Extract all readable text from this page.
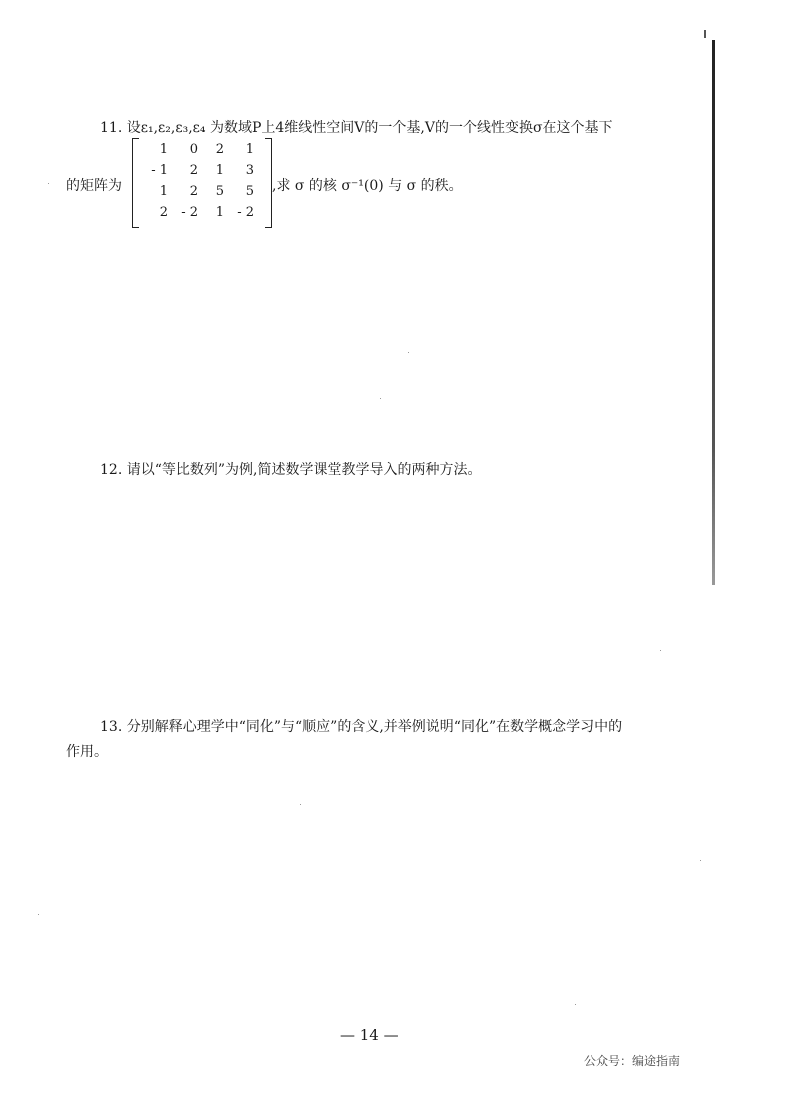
11. 设ε₁,ε₂,ε₃,ε₄ 为数域P上4维线性空间V的一个基,V的一个线性变换σ在这个基下
的矩阵为
1	0	2	1
- 1	2	1	3
1	2	5	5
2	- 2	1	- 2
,求 σ 的核 σ⁻¹(0) 与 σ 的秩。
12. 请以“等比数列”为例,简述数学课堂教学导入的两种方法。
13. 分别解释心理学中“同化”与“顺应”的含义,并举例说明“同化”在数学概念学习中的
作用。
— 14 —
公众号：编途指南
